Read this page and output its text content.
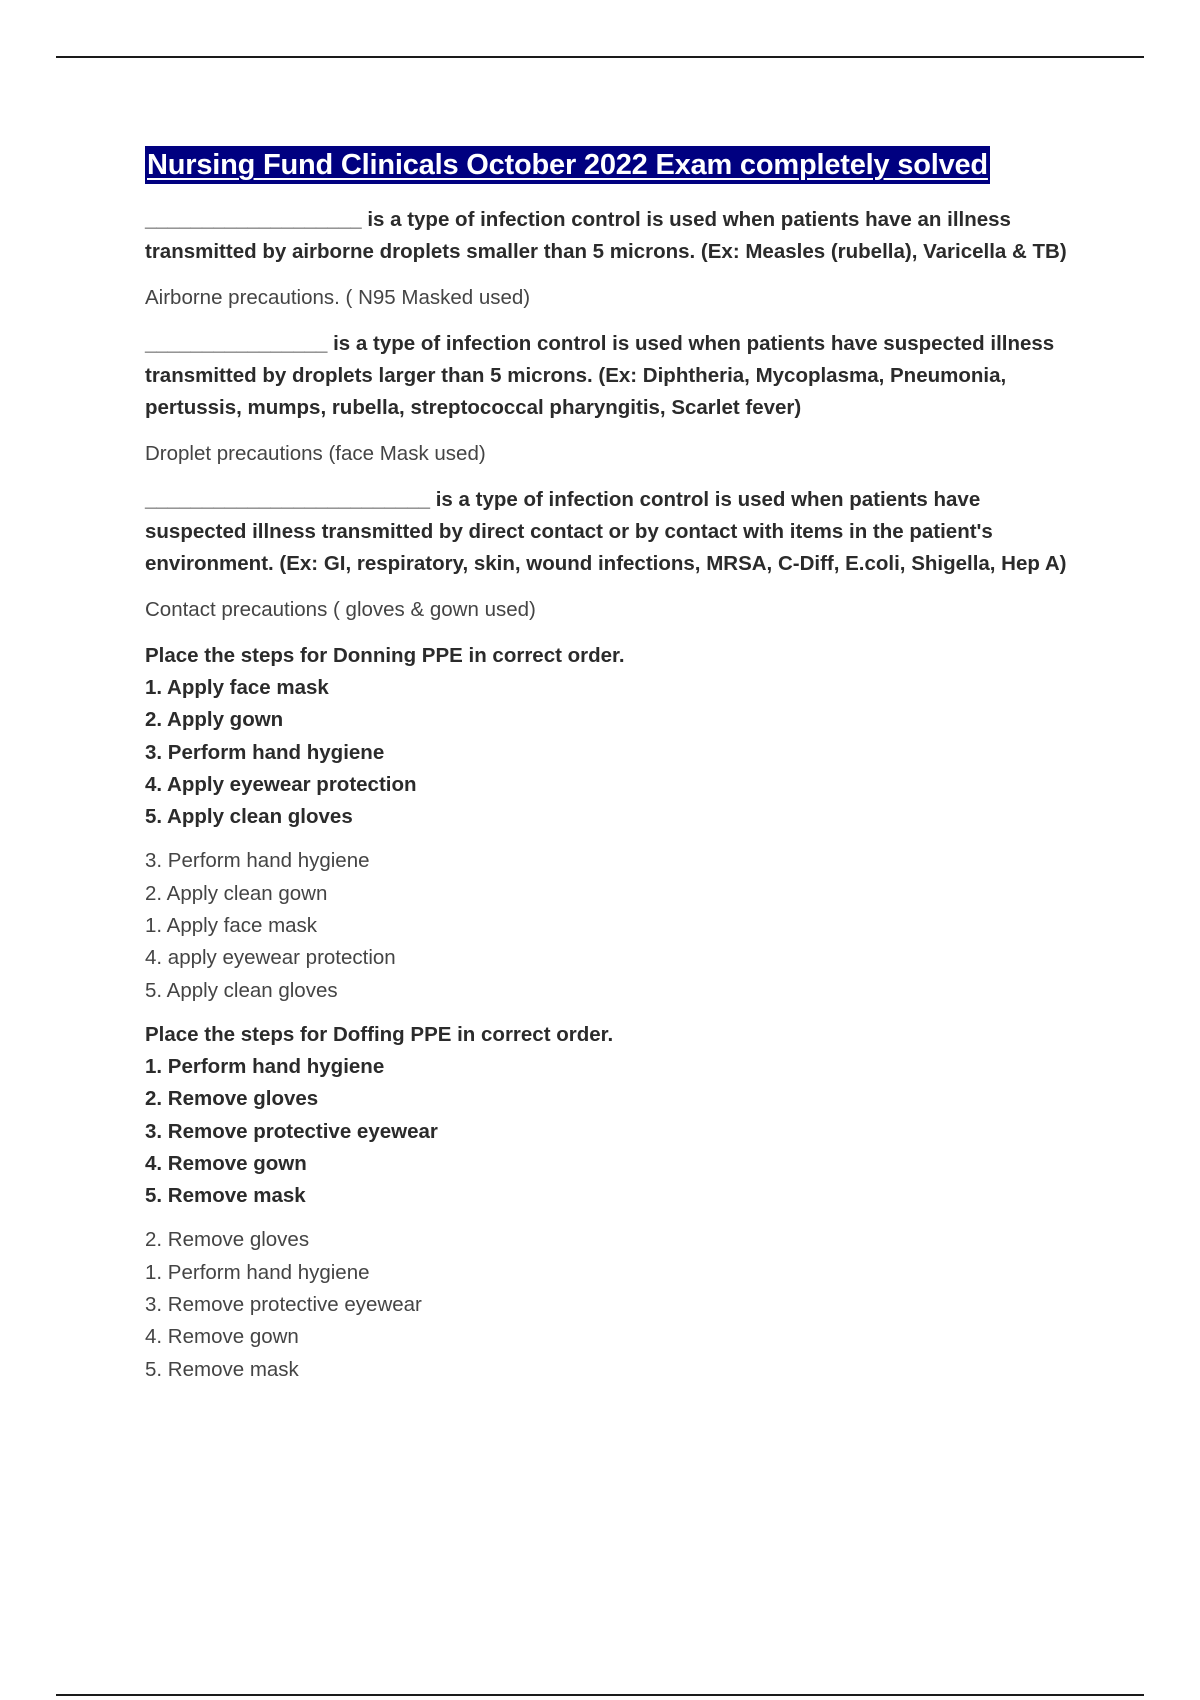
Nursing Fund Clinicals October 2022 Exam completely solved

___________________ is a type of infection control is used when patients have an illness transmitted by airborne droplets smaller than 5 microns. (Ex: Measles (rubella), Varicella & TB)

Airborne precautions. ( N95 Masked used)

________________ is a type of infection control is used when patients have suspected illness transmitted by droplets larger than 5 microns. (Ex: Diphtheria, Mycoplasma, Pneumonia, pertussis, mumps, rubella, streptococcal pharyngitis, Scarlet fever)

Droplet precautions (face Mask used)

_________________________ is a type of infection control is used when patients have suspected illness transmitted by direct contact or by contact with items in the patient's environment. (Ex: GI, respiratory, skin, wound infections, MRSA, C-Diff, E.coli, Shigella, Hep A)

Contact precautions ( gloves & gown used)

Place the steps for Donning PPE in correct order.

1. Apply face mask
2. Apply gown
3. Perform hand hygiene
4. Apply eyewear protection
5. Apply clean gloves
3. Perform hand hygiene
2. Apply clean gown
1. Apply face mask
4. apply eyewear protection
5. Apply clean gloves

Place the steps for Doffing PPE in correct order.

1. Perform hand hygiene
2. Remove gloves
3. Remove protective eyewear
4. Remove gown
5. Remove mask
2. Remove gloves
1. Perform hand hygiene
3. Remove protective eyewear
4. Remove gown
5. Remove mask
